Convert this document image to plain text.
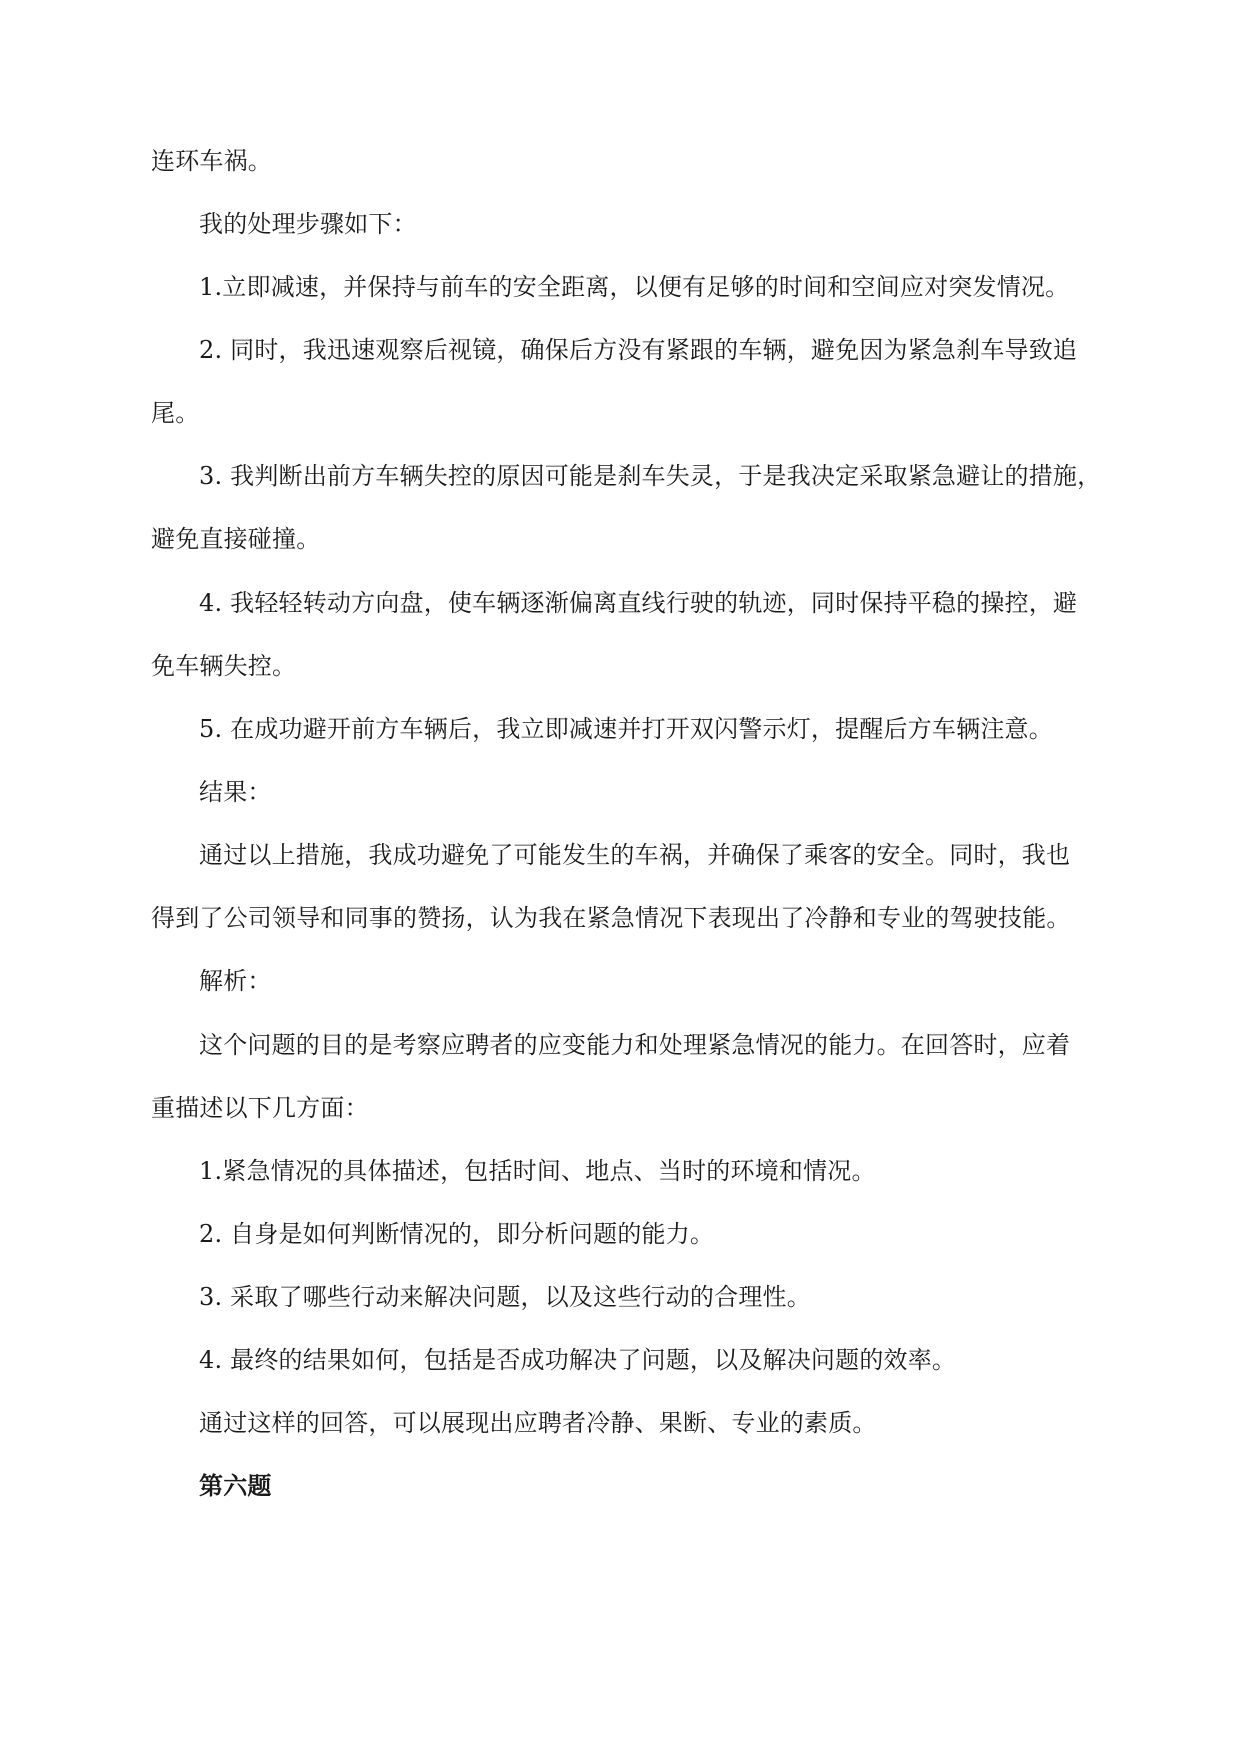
连环车祸。
我的处理步骤如下：
1.立即减速，并保持与前车的安全距离，以便有足够的时间和空间应对突发情况。
2. 同时，我迅速观察后视镜，确保后方没有紧跟的车辆，避免因为紧急刹车导致追
尾。
3. 我判断出前方车辆失控的原因可能是刹车失灵，于是我决定采取紧急避让的措施，
避免直接碰撞。
4. 我轻轻转动方向盘，使车辆逐渐偏离直线行驶的轨迹，同时保持平稳的操控，避
免车辆失控。
5. 在成功避开前方车辆后，我立即减速并打开双闪警示灯，提醒后方车辆注意。
结果：
通过以上措施，我成功避免了可能发生的车祸，并确保了乘客的安全。同时，我也
得到了公司领导和同事的赞扬，认为我在紧急情况下表现出了冷静和专业的驾驶技能。
解析：
这个问题的目的是考察应聘者的应变能力和处理紧急情况的能力。在回答时，应着
重描述以下几方面：
1.紧急情况的具体描述，包括时间、地点、当时的环境和情况。
2. 自身是如何判断情况的，即分析问题的能力。
3. 采取了哪些行动来解决问题，以及这些行动的合理性。
4. 最终的结果如何，包括是否成功解决了问题，以及解决问题的效率。
通过这样的回答，可以展现出应聘者冷静、果断、专业的素质。
第六题
